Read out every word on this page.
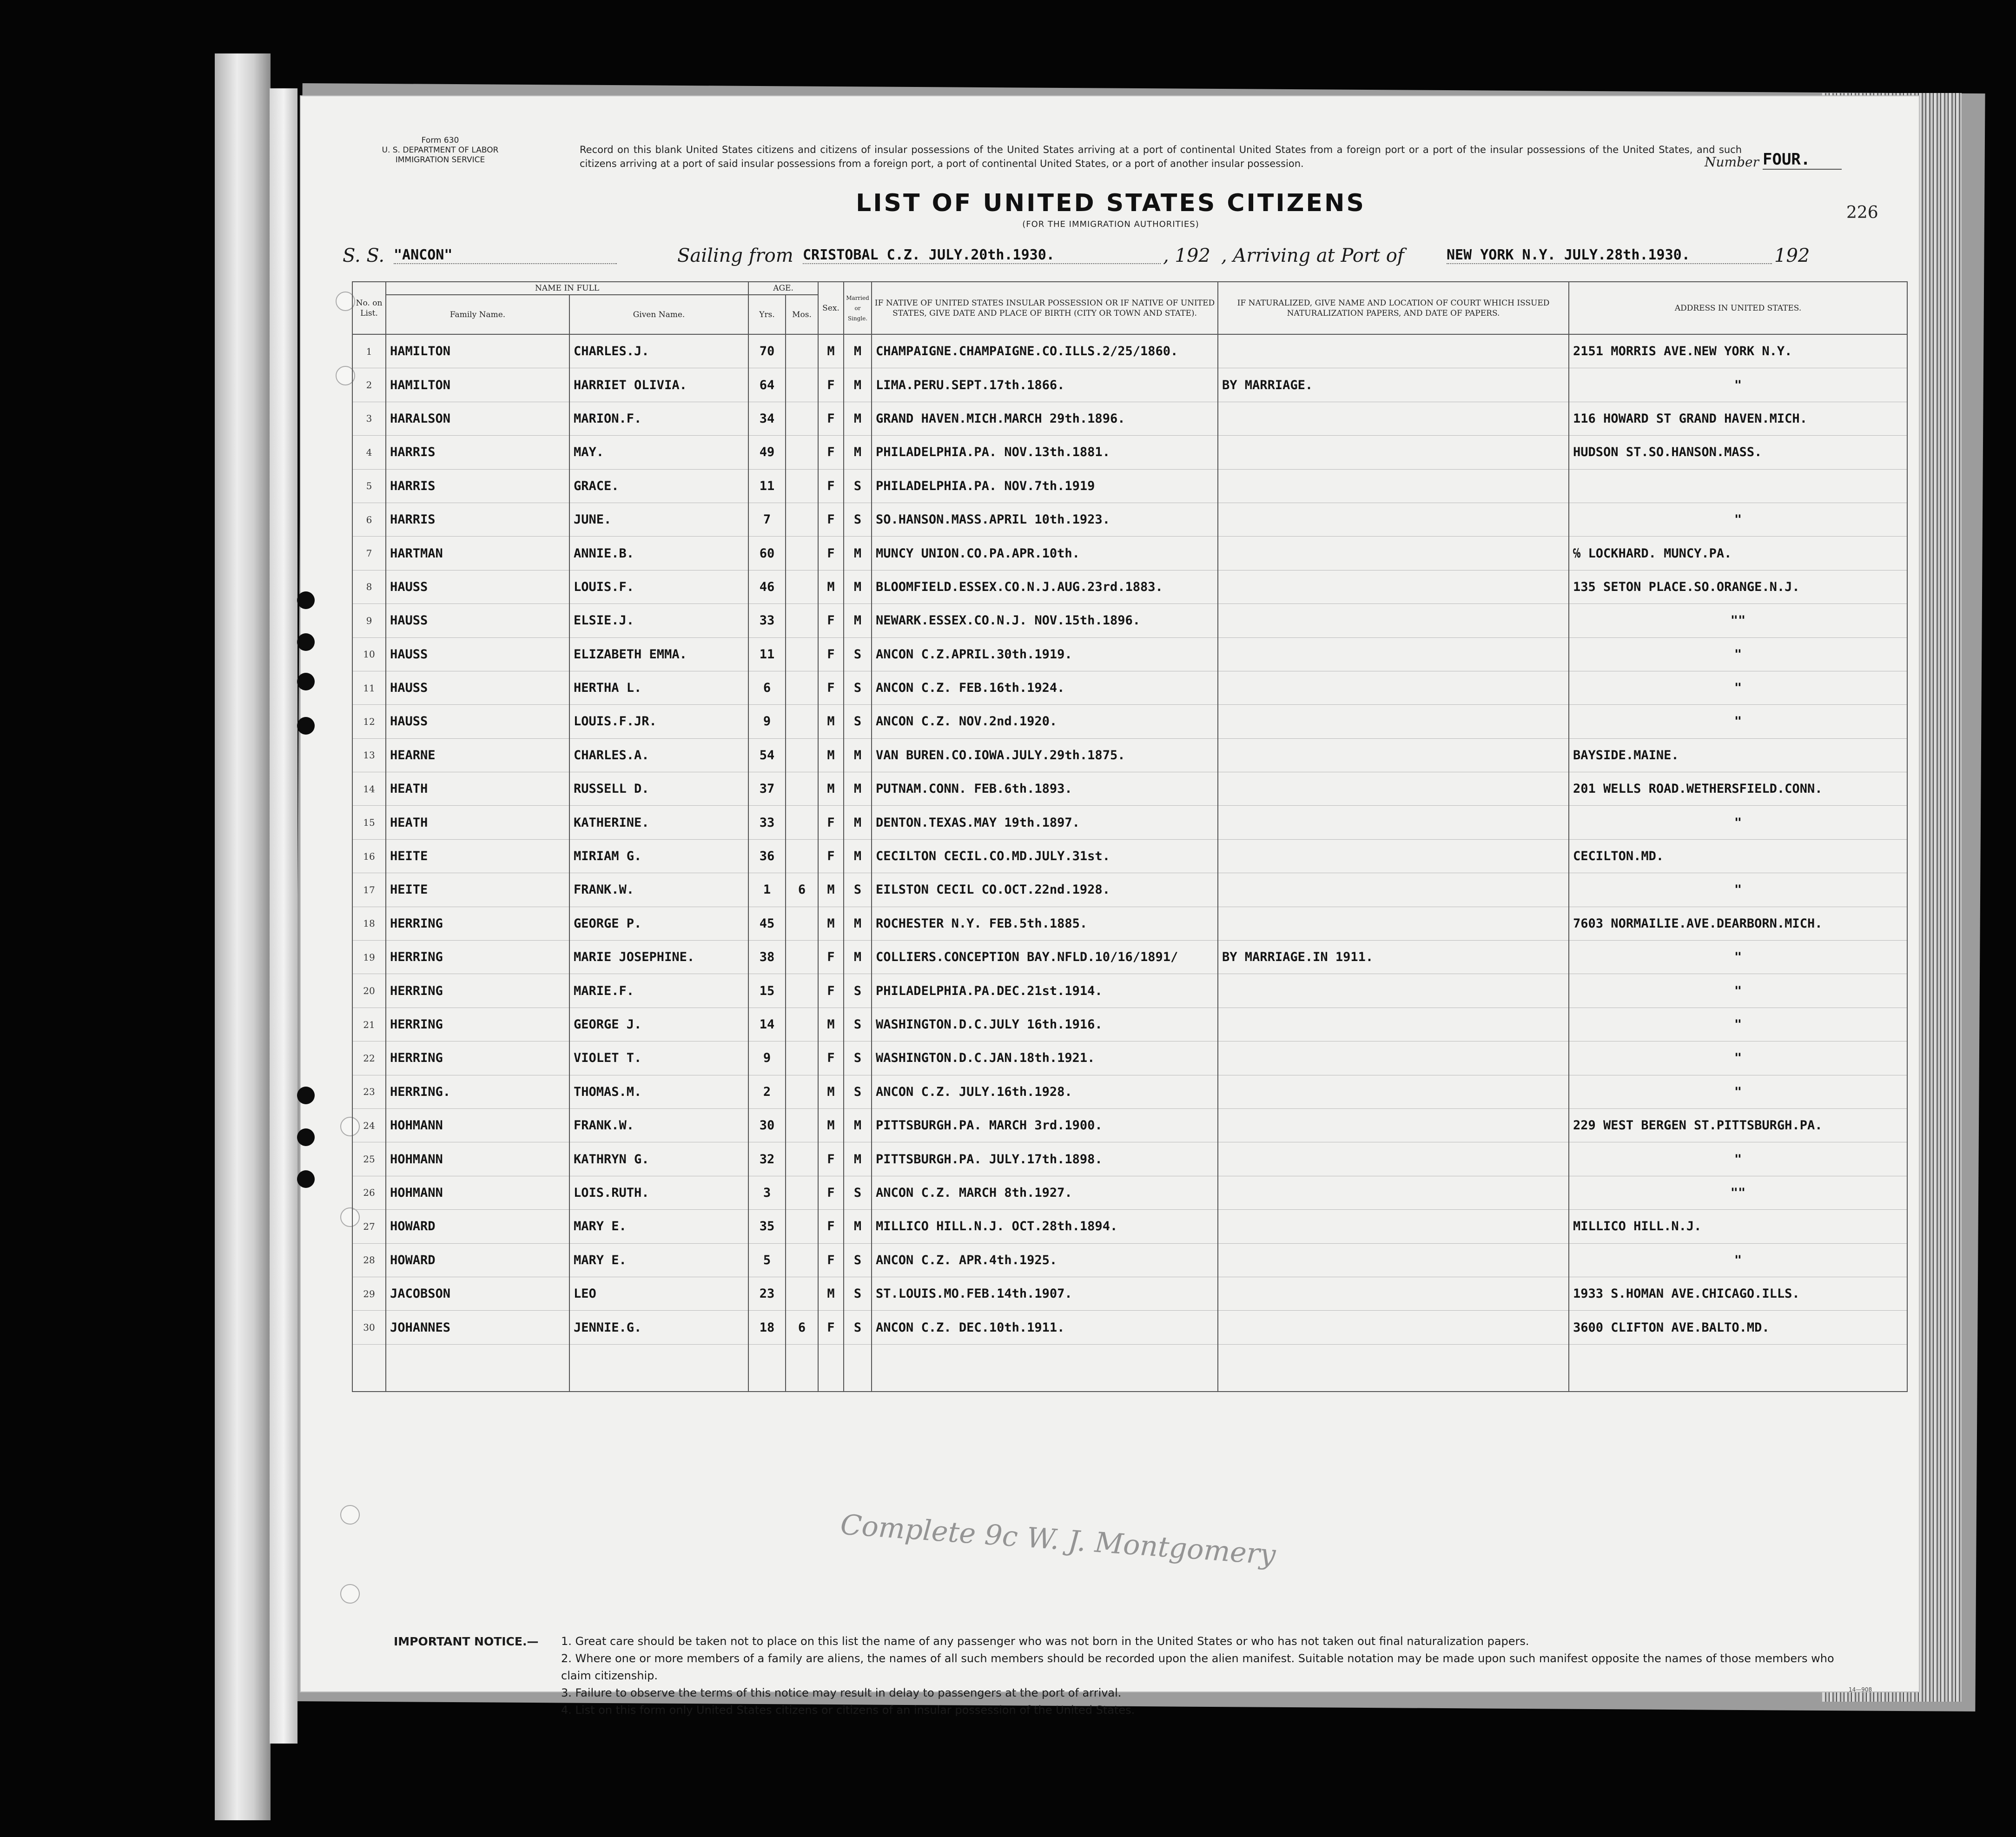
Form 630
U. S. DEPARTMENT OF LABOR
IMMIGRATION SERVICE
Record on this blank United States citizens and citizens of insular possessions of the United States arriving at a port of continental United States from a foreign port or a port of the insular possessions of the United States, and such citizens arriving at a port of said insular possessions from a foreign port, a port of continental United States, or a port of another insular possession.	Number FOUR.
LIST OF UNITED STATES CITIZENS
(FOR THE IMMIGRATION AUTHORITIES)
226
S. S. "ANCON"	Sailing from CRISTOBAL C.Z. JULY.20th.1930.	, 192 , Arriving at Port of	NEW YORK N.Y. JULY.28th.1930.	192
No. on List.	NAME IN FULL		AGE.		Sex.	Married or Single.	IF NATIVE OF UNITED STATES INSULAR POSSESSION OR IF NATIVE OF UNITED STATES, GIVE DATE AND PLACE OF BIRTH (CITY OR TOWN AND STATE).	IF NATURALIZED, GIVE NAME AND LOCATION OF COURT WHICH ISSUED NATURALIZATION PAPERS, AND DATE OF PAPERS.	ADDRESS IN UNITED STATES.
	Family Name.	Given Name.	Yrs.	Mos.					
1	HAMILTON	CHARLES.J.	70		M	M	CHAMPAIGNE.CHAMPAIGNE.CO.ILLS.2/25/1860.		2151 MORRIS AVE.NEW YORK N.Y.
2	HAMILTON	HARRIET OLIVIA.	64		F	M	LIMA.PERU.SEPT.17th.1866.	BY MARRIAGE.	"
3	HARALSON	MARION.F.	34		F	M	GRAND HAVEN.MICH.MARCH 29th.1896.		116 HOWARD ST GRAND HAVEN.MICH.
4	HARRIS	MAY.	49		F	M	PHILADELPHIA.PA. NOV.13th.1881.		HUDSON ST.SO.HANSON.MASS.
5	HARRIS	GRACE.	11		F	S	PHILADELPHIA.PA. NOV.7th.1919		
6	HARRIS	JUNE.	7		F	S	SO.HANSON.MASS.APRIL 10th.1923.		"
7	HARTMAN	ANNIE.B.	60		F	M	MUNCY UNION.CO.PA.APR.10th.		℅ LOCKHARD. MUNCY.PA.
8	HAUSS	LOUIS.F.	46		M	M	BLOOMFIELD.ESSEX.CO.N.J.AUG.23rd.1883.		135 SETON PLACE.SO.ORANGE.N.J.
9	HAUSS	ELSIE.J.	33		F	M	NEWARK.ESSEX.CO.N.J. NOV.15th.1896.		""
10	HAUSS	ELIZABETH EMMA.	11		F	S	ANCON C.Z.APRIL.30th.1919.		"
11	HAUSS	HERTHA L.	6		F	S	ANCON C.Z. FEB.16th.1924.		"
12	HAUSS	LOUIS.F.JR.	9		M	S	ANCON C.Z. NOV.2nd.1920.		"
13	HEARNE	CHARLES.A.	54		M	M	VAN BUREN.CO.IOWA.JULY.29th.1875.		BAYSIDE.MAINE.
14	HEATH	RUSSELL D.	37		M	M	PUTNAM.CONN. FEB.6th.1893.		201 WELLS ROAD.WETHERSFIELD.CONN.
15	HEATH	KATHERINE.	33		F	M	DENTON.TEXAS.MAY 19th.1897.		"
16	HEITE	MIRIAM G.	36		F	M	CECILTON CECIL.CO.MD.JULY.31st.		CECILTON.MD.
17	HEITE	FRANK.W.	1	6	M	S	EILSTON CECIL CO.OCT.22nd.1928.		"
18	HERRING	GEORGE P.	45		M	M	ROCHESTER N.Y. FEB.5th.1885.		7603 NORMAILIE.AVE.DEARBORN.MICH.
19	HERRING	MARIE JOSEPHINE.	38		F	M	COLLIERS.CONCEPTION BAY.NFLD.10/16/1891/	BY MARRIAGE.IN 1911.	"
20	HERRING	MARIE.F.	15		F	S	PHILADELPHIA.PA.DEC.21st.1914.		"
21	HERRING	GEORGE J.	14		M	S	WASHINGTON.D.C.JULY 16th.1916.		"
22	HERRING	VIOLET T.	9		F	S	WASHINGTON.D.C.JAN.18th.1921.		"
23	HERRING.	THOMAS.M.	2		M	S	ANCON C.Z. JULY.16th.1928.		"
24	HOHMANN	FRANK.W.	30		M	M	PITTSBURGH.PA. MARCH 3rd.1900.		229 WEST BERGEN ST.PITTSBURGH.PA.
25	HOHMANN	KATHRYN G.	32		F	M	PITTSBURGH.PA. JULY.17th.1898.		"
26	HOHMANN	LOIS.RUTH.	3		F	S	ANCON C.Z. MARCH 8th.1927.		""
27	HOWARD	MARY E.	35		F	M	MILLICO HILL.N.J. OCT.28th.1894.		MILLICO HILL.N.J.
28	HOWARD	MARY E.	5		F	S	ANCON C.Z. APR.4th.1925.		"
29	JACOBSON	LEO	23		M	S	ST.LOUIS.MO.FEB.14th.1907.		1933 S.HOMAN AVE.CHICAGO.ILLS.
30	JOHANNES	JENNIE.G.	18	6	F	S	ANCON C.Z. DEC.10th.1911.		3600 CLIFTON AVE.BALTO.MD.

Complete 9c W. J. Montgomery
IMPORTANT NOTICE.— 1. Great care should be taken not to place on this list the name of any passenger who was not born in the United States or who has not taken out final naturalization papers.
2. Where one or more members of a family are aliens, the names of all such members should be recorded upon the alien manifest. Suitable notation may be made upon such manifest opposite the names of those members who claim citizenship.
3. Failure to observe the terms of this notice may result in delay to passengers at the port of arrival.
4. List on this form only United States citizens or citizens of an insular possession of the United States.
14—908
